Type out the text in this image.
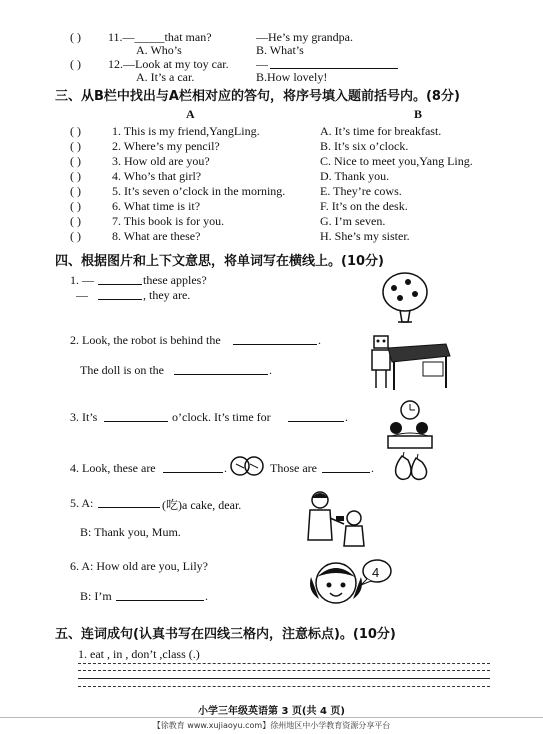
( ) 11.—_____that man?	—He’s my grandpa.
A. Who’s	B. What’s
( ) 12.—Look at my toy car. —
A. It’s a car.	B.How lovely!
三、从B栏中找出与A栏相对应的答句，将序号填入题前括号内。(8分)
A	B
( )	1. This is my friend,YangLing.	A. It’s time for breakfast.
( )	2. Where’s my pencil?	B. It’s six o’clock.
( )	3. How old are you?	C. Nice to meet you,Yang Ling.
( )	4. Who’s that girl?	D. Thank you.
( )	5. It’s seven o’clock in the morning.	E. They’re cows.
( )	6. What time is it?	F. It’s on the desk.
( )	7. This book is for you.	G. I’m seven.
( )	8. What are these?	H. She’s my sister.
四、根据图片和上下文意思，将单词写在横线上。(10分)
1. —	these apples?
—	, they are.
2. Look, the robot is behind the	.
The doll is on the	.
3. It’s	o’clock. It’s time for	.
4. Look, these are	.	Those are	.
5. A:	(吃)a cake, dear.
B: Thank you, Mum.
6. A: How old are you, Lily?
B: I’m	.
4
五、连词成句(认真书写在四线三格内，注意标点)。(10分)
1. eat , in , don’t ,class (.)
小学三年级英语第 3 页(共 4 页)
【徐教育 www.xujiaoyu.com】徐州地区中小学教育资源分享平台
